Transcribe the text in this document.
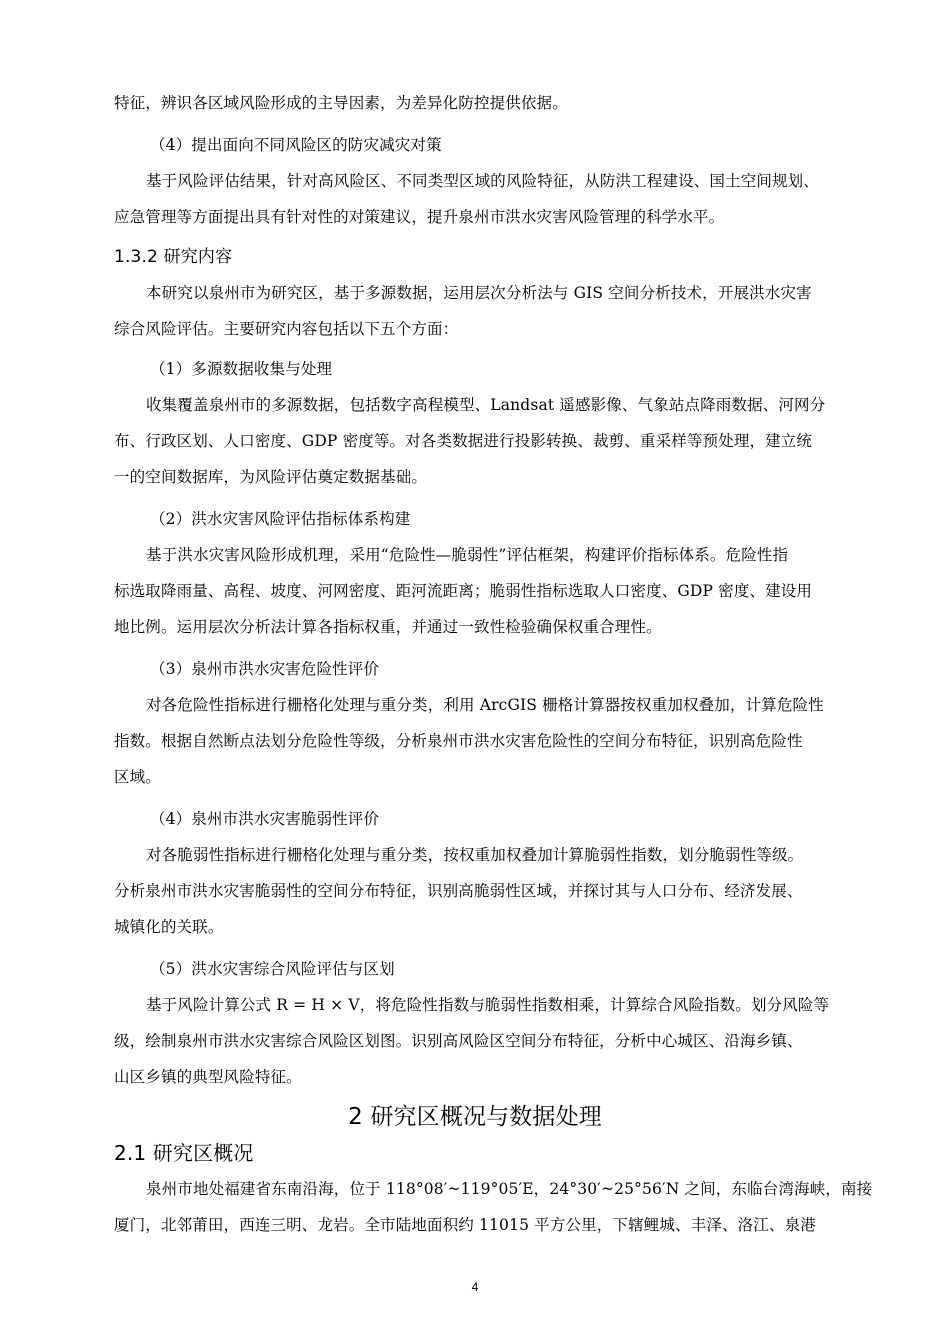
特征，辨识各区域风险形成的主导因素，为差异化防控提供依据。
（4）提出面向不同风险区的防灾减灾对策
基于风险评估结果，针对高风险区、不同类型区域的风险特征，从防洪工程建设、国土空间规划、
应急管理等方面提出具有针对性的对策建议，提升泉州市洪水灾害风险管理的科学水平。
1.3.2 研究内容
本研究以泉州市为研究区，基于多源数据，运用层次分析法与 GIS 空间分析技术，开展洪水灾害
综合风险评估。主要研究内容包括以下五个方面：
（1）多源数据收集与处理
收集覆盖泉州市的多源数据，包括数字高程模型、Landsat 遥感影像、气象站点降雨数据、河网分
布、行政区划、人口密度、GDP 密度等。对各类数据进行投影转换、裁剪、重采样等预处理，建立统
一的空间数据库，为风险评估奠定数据基础。
（2）洪水灾害风险评估指标体系构建
基于洪水灾害风险形成机理，采用“危险性—脆弱性”评估框架，构建评价指标体系。危险性指
标选取降雨量、高程、坡度、河网密度、距河流距离；脆弱性指标选取人口密度、GDP 密度、建设用
地比例。运用层次分析法计算各指标权重，并通过一致性检验确保权重合理性。
（3）泉州市洪水灾害危险性评价
对各危险性指标进行栅格化处理与重分类，利用 ArcGIS 栅格计算器按权重加权叠加，计算危险性
指数。根据自然断点法划分危险性等级，分析泉州市洪水灾害危险性的空间分布特征，识别高危险性
区域。
（4）泉州市洪水灾害脆弱性评价
对各脆弱性指标进行栅格化处理与重分类，按权重加权叠加计算脆弱性指数，划分脆弱性等级。
分析泉州市洪水灾害脆弱性的空间分布特征，识别高脆弱性区域，并探讨其与人口分布、经济发展、
城镇化的关联。
（5）洪水灾害综合风险评估与区划
基于风险计算公式 R = H × V，将危险性指数与脆弱性指数相乘，计算综合风险指数。划分风险等
级，绘制泉州市洪水灾害综合风险区划图。识别高风险区空间分布特征，分析中心城区、沿海乡镇、
山区乡镇的典型风险特征。
2 研究区概况与数据处理
2.1 研究区概况
泉州市地处福建省东南沿海，位于 118°08′~119°05′E，24°30′~25°56′N 之间，东临台湾海峡，南接
厦门，北邻莆田，西连三明、龙岩。全市陆地面积约 11015 平方公里，下辖鲤城、丰泽、洛江、泉港
4
